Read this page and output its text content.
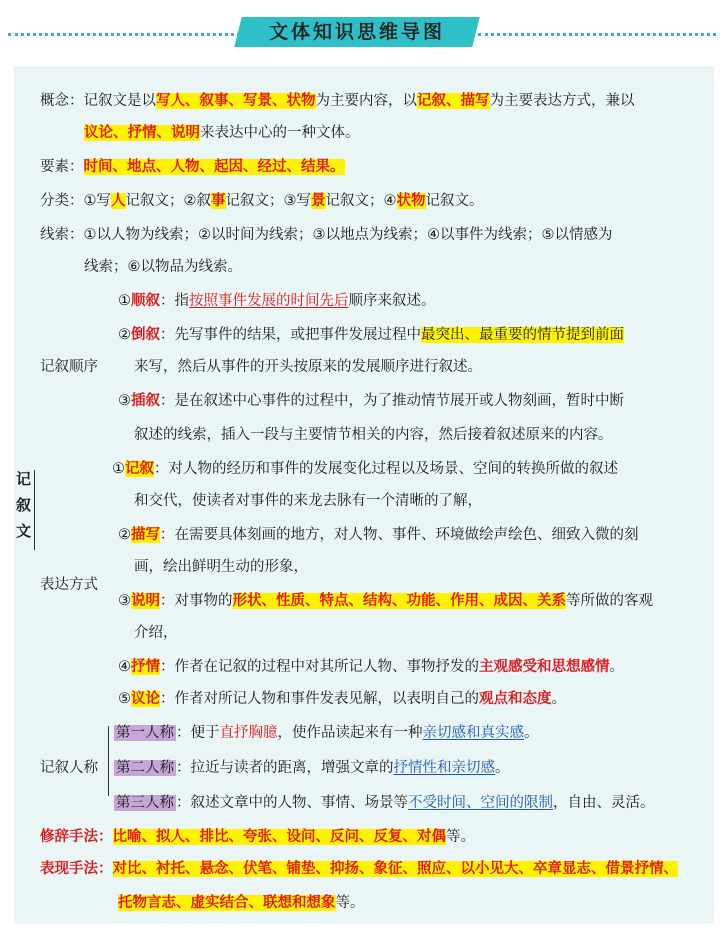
文体知识思维导图
记
叙
文
概念：记叙文是以写人、叙事、写景、状物为主要内容，以记叙、描写为主要表达方式，兼以
议论、抒情、说明来表达中心的一种文体。
要素：时间、地点、人物、起因、经过、结果。
分类：①写人记叙文；②叙事记叙文；③写景记叙文；④状物记叙文。
线索：①以人物为线索；②以时间为线索；③以地点为线索；④以事件为线索；⑤以情感为
线索；⑥以物品为线索。
记叙顺序
①顺叙：指按照事件发展的时间先后顺序来叙述。
②倒叙：先写事件的结果，或把事件发展过程中最突出、最重要的情节提到前面
来写，然后从事件的开头按原来的发展顺序进行叙述。
③插叙：是在叙述中心事件的过程中，为了推动情节展开或人物刻画，暂时中断
叙述的线索，插入一段与主要情节相关的内容，然后接着叙述原来的内容。
表达方式
①记叙：对人物的经历和事件的发展变化过程以及场景、空间的转换所做的叙述
和交代，使读者对事件的来龙去脉有一个清晰的了解，
②描写：在需要具体刻画的地方，对人物、事件、环境做绘声绘色、细致入微的刻
画，绘出鲜明生动的形象，
③说明：对事物的形状、性质、特点、结构、功能、作用、成因、关系等所做的客观
介绍，
④抒情：作者在记叙的过程中对其所记人物、事物抒发的主观感受和思想感情。
⑤议论：作者对所记人物和事件发表见解，以表明自己的观点和态度。
记叙人称
第一人称 ：便于直抒胸臆，使作品读起来有一种亲切感和真实感。
第二人称 ：拉近与读者的距离，增强文章的抒情性和亲切感。
第三人称 ：叙述文章中的人物、事情、场景等不受时间、空间的限制，自由、灵活。
修辞手法：比喻、拟人、排比、夸张、设问、反问、反复、对偶等。
表现手法：对比、衬托、悬念、伏笔、铺垫、抑扬、象征、照应、以小见大、卒章显志、借景抒情、
托物言志、虚实结合、联想和想象等。
